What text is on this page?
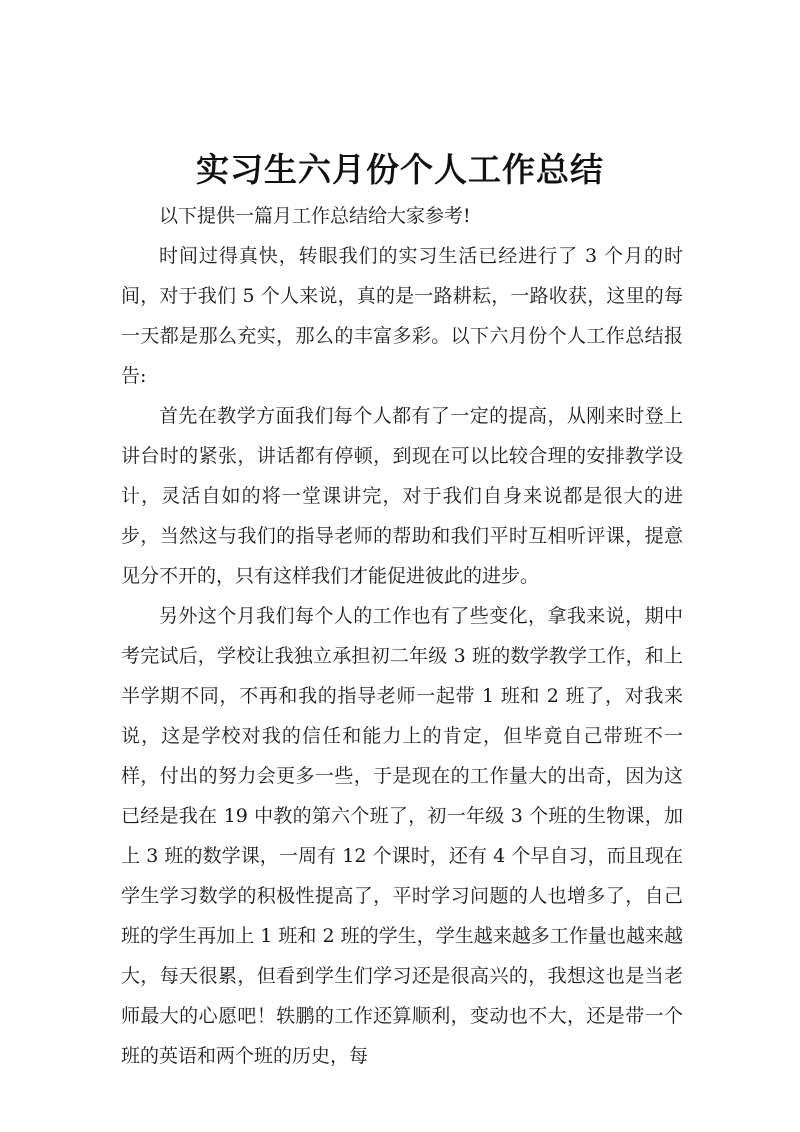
实习生六月份个人工作总结

以下提供一篇月工作总结给大家参考!

时间过得真快，转眼我们的实习生活已经进行了 3 个月的时间，对于我们 5 个人来说，真的是一路耕耘，一路收获，这里的每一天都是那么充实，那么的丰富多彩。以下六月份个人工作总结报告:

首先在教学方面我们每个人都有了一定的提高，从刚来时登上讲台时的紧张，讲话都有停顿，到现在可以比较合理的安排教学设计，灵活自如的将一堂课讲完，对于我们自身来说都是很大的进步，当然这与我们的指导老师的帮助和我们平时互相听评课，提意见分不开的，只有这样我们才能促进彼此的进步。

另外这个月我们每个人的工作也有了些变化，拿我来说，期中考完试后，学校让我独立承担初二年级 3 班的数学教学工作，和上半学期不同，不再和我的指导老师一起带 1 班和 2 班了，对我来说，这是学校对我的信任和能力上的肯定，但毕竟自己带班不一样，付出的努力会更多一些，于是现在的工作量大的出奇，因为这已经是我在 19 中教的第六个班了，初一年级 3 个班的生物课，加上 3 班的数学课，一周有 12 个课时，还有 4 个早自习，而且现在学生学习数学的积极性提高了，平时学习问题的人也增多了，自己班的学生再加上 1 班和 2 班的学生，学生越来越多工作量也越来越大，每天很累，但看到学生们学习还是很高兴的，我想这也是当老师最大的心愿吧！轶鹏的工作还算顺利，变动也不大，还是带一个班的英语和两个班的历史，每
